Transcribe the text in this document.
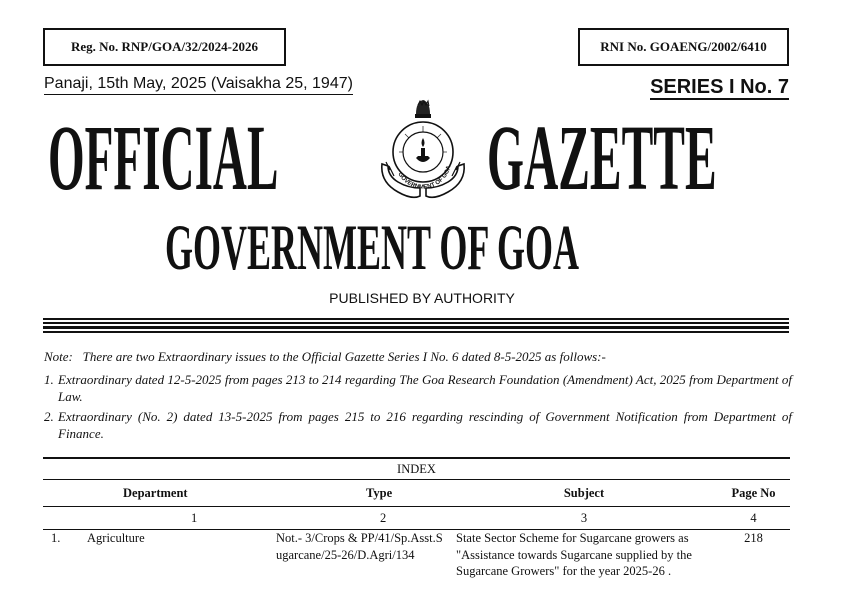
Reg. No. RNP/GOA/32/2024-2026	RNI No. GOAENG/2002/6410
Panaji, 15th May, 2025 (Vaisakha 25, 1947)	SERIES I No. 7
OFFICIAL	GAZETTE
GOVERNMENT OF GOA
GOVERNMENT OF GOA
PUBLISHED BY AUTHORITY
Note:   There are two Extraordinary issues to the Official Gazette Series I No. 6 dated 8-5-2025 as follows:-
1. Extraordinary dated 12-5-2025 from pages 213 to 214 regarding The Goa Research Foundation (Amendment) Act, 2025 from Department of Law.
2. Extraordinary (No. 2) dated 13-5-2025 from pages 215 to 216 regarding rescinding of Government Notification from Department of Finance.
INDEX				
	Department	Type	Subject	Page No
	1	2	3	4
1.	Agriculture	Not.- 3/Crops & PP/41/Sp.Asst.Sugarcane/25-26/D.Agri/134	State Sector Scheme for Sugarcane growers as "Assistance towards Sugarcane supplied by the Sugarcane Growers" for the year 2025-26 .	218
